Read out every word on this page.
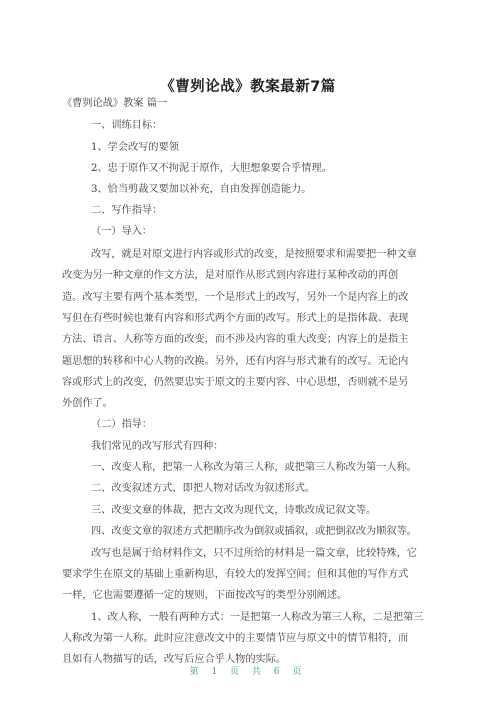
《曹刿论战》教案最新7篇
《曹刿论战》教案 篇一
一、训练目标：
1、学会改写的要领
2、忠于原作又不拘泥于原作，大胆想象要合乎情理。
3、恰当剪裁又要加以补充，自由发挥创造能力。
二、写作指导：
（一）导入：
改写，就是对原文进行内容或形式的改变，是按照要求和需要把一种文章
改变为另一种文章的作文方法，是对原作从形式到内容进行某种改动的再创
造。改写主要有两个基本类型，一个是形式上的改写，另外一个是内容上的改
写但在有些时候也兼有内容和形式两个方面的改写。形式上的是指体裁、表现
方法、语言、人称等方面的改变，而不涉及内容的重大改变；内容上的是指主
题思想的转移和中心人物的改换。另外，还有内容与形式兼有的改写。无论内
容或形式上的改变，仍然要忠实于原文的主要内容、中心思想，否则就不是另
外创作了。
（二）指导：
我们常见的改写形式有四种：
一、改变人称，把第一人称改为第三人称，或把第三人称改为第一人称。
二、改变叙述方式，即把人物对话改为叙述形式。
三、改变文章的体裁，把古文改为现代文，诗歌改成记叙文等。
四、改变文章的叙述方式把顺序改为倒叙或插叙，或把倒叙改为顺叙等。
改写也是属于给材料作文，只不过所给的材料是一篇文章，比较特殊，它
要求学生在原文的基础上重新构思，有较大的发挥空间；但和其他的写作方式
一样，它也需要遵循一定的规则，下面按改写的类型分别阐述。
1、改人称，一般有两种方式：一是把第一人称改为第三人称，二是把第三
人称改为第一人称。此时应注意改文中的主要情节应与原文中的情节相符，而
且如有人物描写的话，改写后应合乎人物的实际。
第 1 页 共 6 页
